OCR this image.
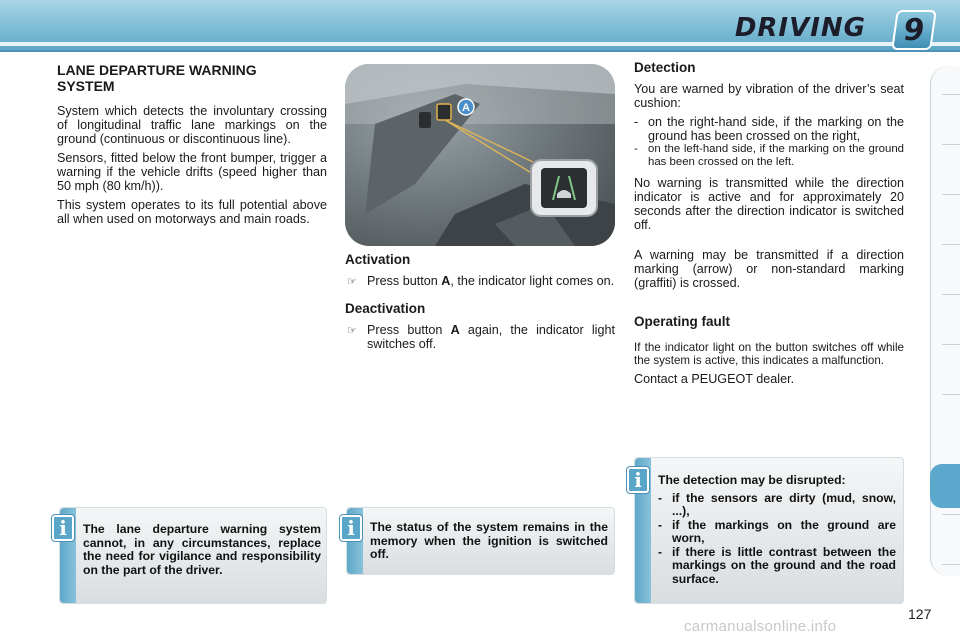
DRIVING 9
LANE DEPARTURE WARNING
SYSTEM

System which detects the involuntary crossing of longitudinal traffic lane markings on the ground (continuous or discontinuous line).

Sensors, fitted below the front bumper, trigger a warning if the vehicle drifts (speed higher than 50 mph (80 km/h)).

This system operates to its full potential above all when used on motorways and main roads.

A
Activation
☞ Press button A, the indicator light comes on.
Deactivation
☞ Press button A again, the indicator light switches off.
Detection

You are warned by vibration of the driver’s seat cushion:

- on the right-hand side, if the marking on the ground has been crossed on the right,
- on the left-hand side, if the marking on the ground has been crossed on the left.

No warning is transmitted while the direction indicator is active and for approximately 20 seconds after the direction indicator is switched off.

A warning may be transmitted if a direction marking (arrow) or non-standard marking (graffiti) is crossed.

Operating fault

If the indicator light on the button switches off while the system is active, this indicates a malfunction.

Contact a PEUGEOT dealer.

i	The lane departure warning system cannot, in any circumstances, replace the need for vigilance and responsibility on the part of the driver.
i	The status of the system remains in the memory when the ignition is switched off.
i	The detection may be disrupted:
- if the sensors are dirty (mud, snow, ...),
- if the markings on the ground are worn,
- if there is little contrast between the markings on the ground and the road surface.
127
carmanualsonline.info
